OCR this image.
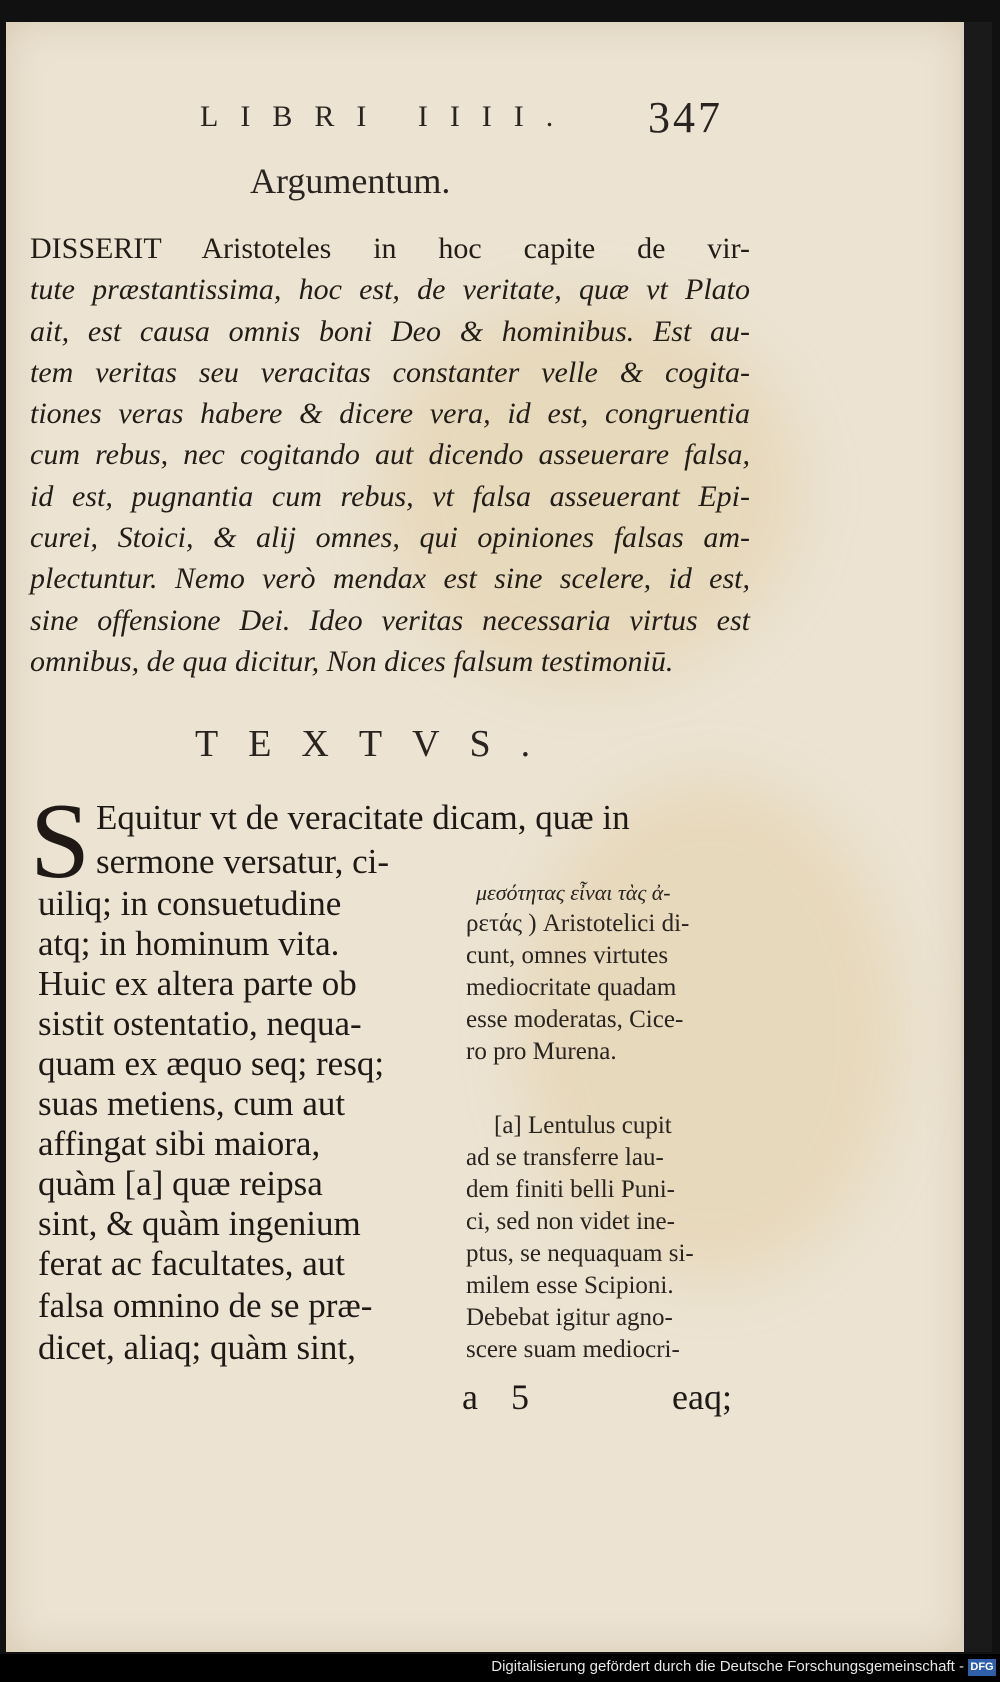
LIBRI IIII.	347
Argumentum.
DISSERIT Aristoteles in hoc capite de vir-
tute præstantissima, hoc est, de veritate, quæ vt Plato
ait, est causa omnis boni Deo & hominibus. Est au-
tem veritas seu veracitas constanter velle & cogita-
tiones veras habere & dicere vera, id est, congruentia
cum rebus, nec cogitando aut dicendo asseuerare falsa,
id est, pugnantia cum rebus, vt falsa asseuerant Epi-
curei, Stoici, & alij omnes, qui opiniones falsas am-
plectuntur. Nemo verò mendax est sine scelere, id est,
sine offensione Dei. Ideo veritas necessaria virtus est
omnibus, de qua dicitur, Non dices falsum testimoniū.
TEXTVS.
S Equitur vt de veracitate dicam, quæ in
sermone versatur, ci-
uiliq; in consuetudine
atq; in hominum vita.
Huic ex altera parte ob
sistit ostentatio, nequa-
quam ex æquo seq; resq;
suas metiens, cum aut
affingat sibi maiora,
quàm [a] quæ reipsa
sint, & quàm ingenium
ferat ac facultates, aut
falsa omnino de se præ-
dicet, aliaq; quàm sint,
μεσότητας εἶναι τὰς ἀ-
ρετάς ) Aristotelici di-
cunt, omnes virtutes
mediocritate quadam
esse moderatas, Cice-
ro pro Murena.
[a] Lentulus cupit
ad se transferre lau-
dem finiti belli Puni-
ci, sed non videt ine-
ptus, se nequaquam si-
milem esse Scipioni.
Debebat igitur agno-
scere suam mediocri-
a 5	eaq;
Digitalisierung gefördert durch die Deutsche Forschungsgemeinschaft - DFG
